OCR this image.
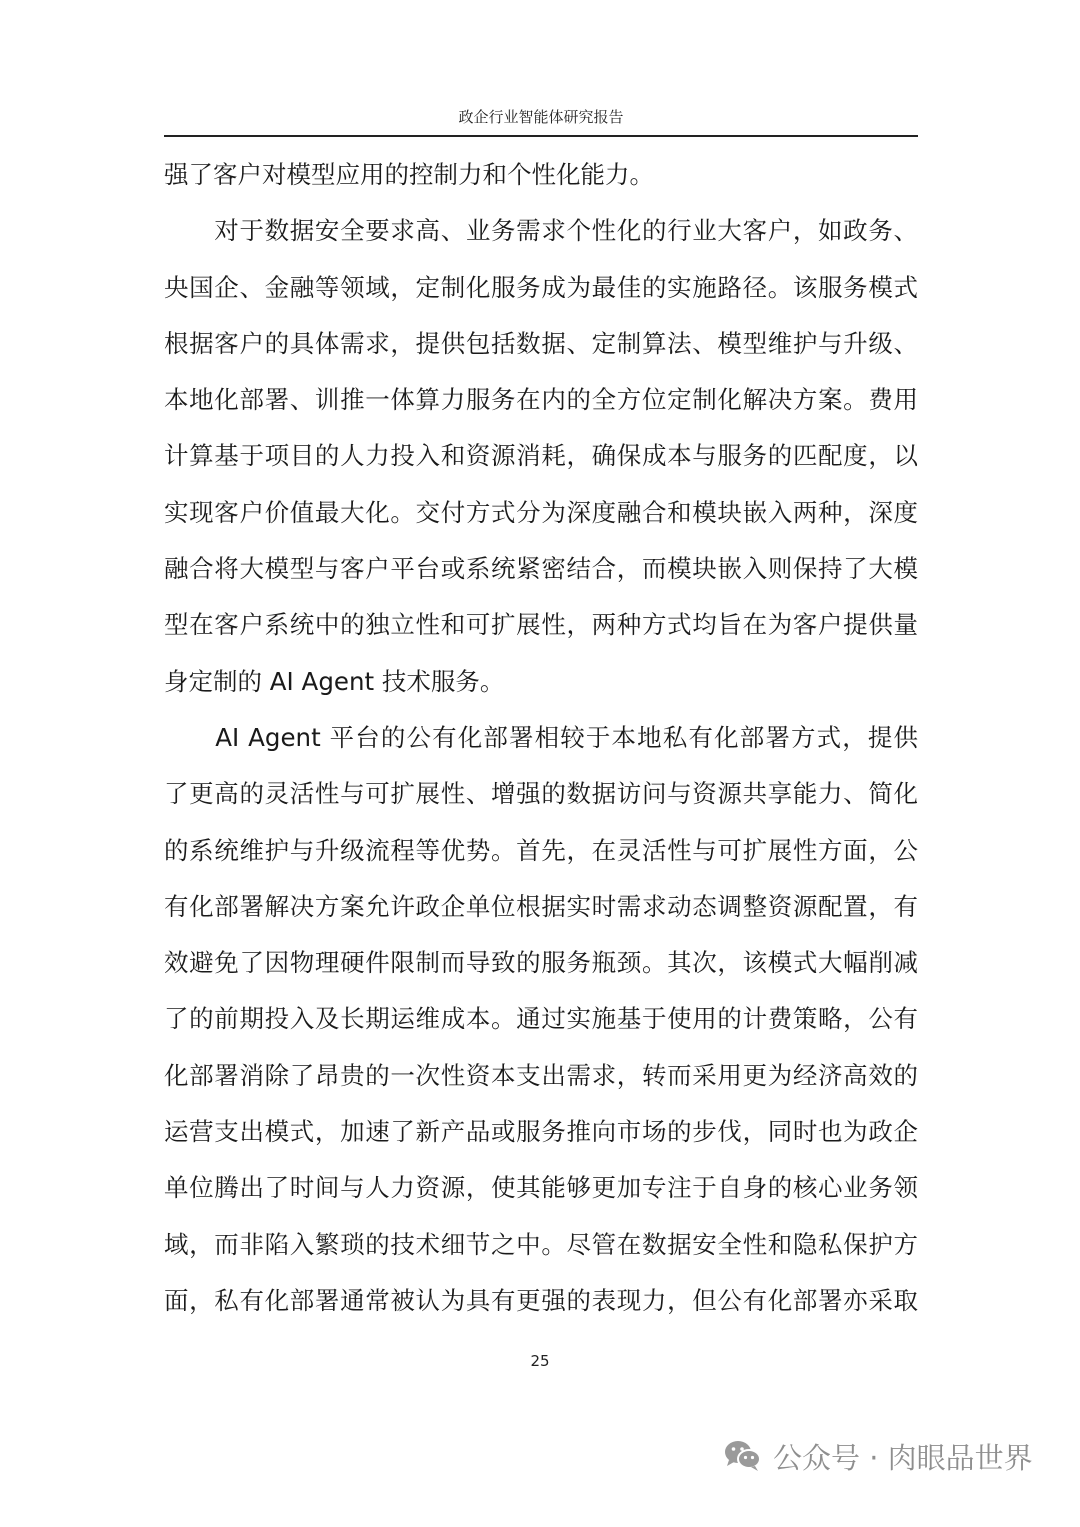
政企行业智能体研究报告
强了客户对模型应用的控制力和个性化能力。
　　对于数据安全要求高、业务需求个性化的行业大客户，如政务、
央国企、金融等领域，定制化服务成为最佳的实施路径。该服务模式
根据客户的具体需求，提供包括数据、定制算法、模型维护与升级、
本地化部署、训推一体算力服务在内的全方位定制化解决方案。费用
计算基于项目的人力投入和资源消耗，确保成本与服务的匹配度，以
实现客户价值最大化。交付方式分为深度融合和模块嵌入两种，深度
融合将大模型与客户平台或系统紧密结合，而模块嵌入则保持了大模
型在客户系统中的独立性和可扩展性，两种方式均旨在为客户提供量
身定制的 AI Agent 技术服务。
　　AI Agent 平台的公有化部署相较于本地私有化部署方式，提供
了更高的灵活性与可扩展性、增强的数据访问与资源共享能力、简化
的系统维护与升级流程等优势。首先，在灵活性与可扩展性方面，公
有化部署解决方案允许政企单位根据实时需求动态调整资源配置，有
效避免了因物理硬件限制而导致的服务瓶颈。其次，该模式大幅削减
了的前期投入及长期运维成本。通过实施基于使用的计费策略，公有
化部署消除了昂贵的一次性资本支出需求，转而采用更为经济高效的
运营支出模式，加速了新产品或服务推向市场的步伐，同时也为政企
单位腾出了时间与人力资源，使其能够更加专注于自身的核心业务领
域，而非陷入繁琐的技术细节之中。尽管在数据安全性和隐私保护方
面，私有化部署通常被认为具有更强的表现力，但公有化部署亦采取
25
公众号 · 肉眼品世界
